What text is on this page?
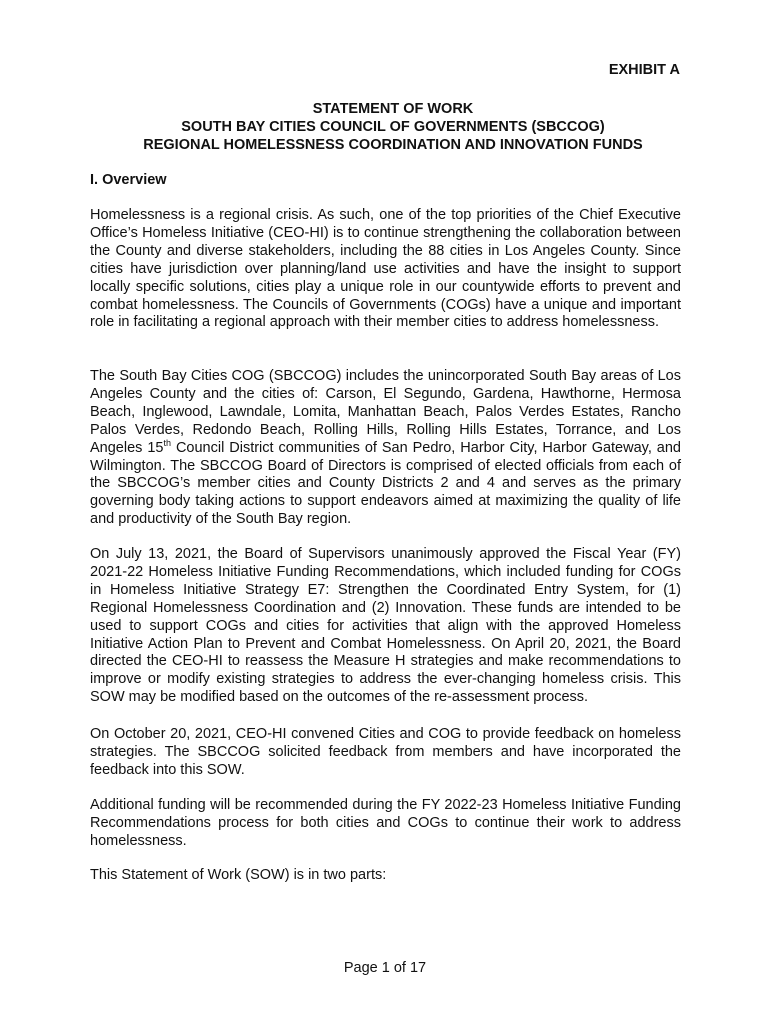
EXHIBIT A
STATEMENT OF WORK
SOUTH BAY CITIES COUNCIL OF GOVERNMENTS (SBCCOG)
REGIONAL HOMELESSNESS COORDINATION AND INNOVATION FUNDS
I. Overview

Homelessness is a regional crisis. As such, one of the top priorities of the Chief Executive Office’s Homeless Initiative (CEO-HI) is to continue strengthening the collaboration between the County and diverse stakeholders, including the 88 cities in Los Angeles County. Since cities have jurisdiction over planning/land use activities and have the insight to support locally specific solutions, cities play a unique role in our countywide efforts to prevent and combat homelessness. The Councils of Governments (COGs) have a unique and important role in facilitating a regional approach with their member cities to address homelessness.

The South Bay Cities COG (SBCCOG) includes the unincorporated South Bay areas of Los Angeles County and the cities of: Carson, El Segundo, Gardena, Hawthorne, Hermosa Beach, Inglewood, Lawndale, Lomita, Manhattan Beach, Palos Verdes Estates, Rancho Palos Verdes, Redondo Beach, Rolling Hills, Rolling Hills Estates, Torrance, and Los Angeles 15th Council District communities of San Pedro, Harbor City, Harbor Gateway, and Wilmington. The SBCCOG Board of Directors is comprised of elected officials from each of the SBCCOG’s member cities and County Districts 2 and 4 and serves as the primary governing body taking actions to support endeavors aimed at maximizing the quality of life and productivity of the South Bay region.

On July 13, 2021, the Board of Supervisors unanimously approved the Fiscal Year (FY) 2021-22 Homeless Initiative Funding Recommendations, which included funding for COGs in Homeless Initiative Strategy E7: Strengthen the Coordinated Entry System, for (1) Regional Homelessness Coordination and (2) Innovation. These funds are intended to be used to support COGs and cities for activities that align with the approved Homeless Initiative Action Plan to Prevent and Combat Homelessness. On April 20, 2021, the Board directed the CEO-HI to reassess the Measure H strategies and make recommendations to improve or modify existing strategies to address the ever-changing homeless crisis. This SOW may be modified based on the outcomes of the re-assessment process.

On October 20, 2021, CEO-HI convened Cities and COG to provide feedback on homeless strategies. The SBCCOG solicited feedback from members and have incorporated the feedback into this SOW.

Additional funding will be recommended during the FY 2022-23 Homeless Initiative Funding Recommendations process for both cities and COGs to continue their work to address homelessness.

This Statement of Work (SOW) is in two parts:

Page 1 of 17
